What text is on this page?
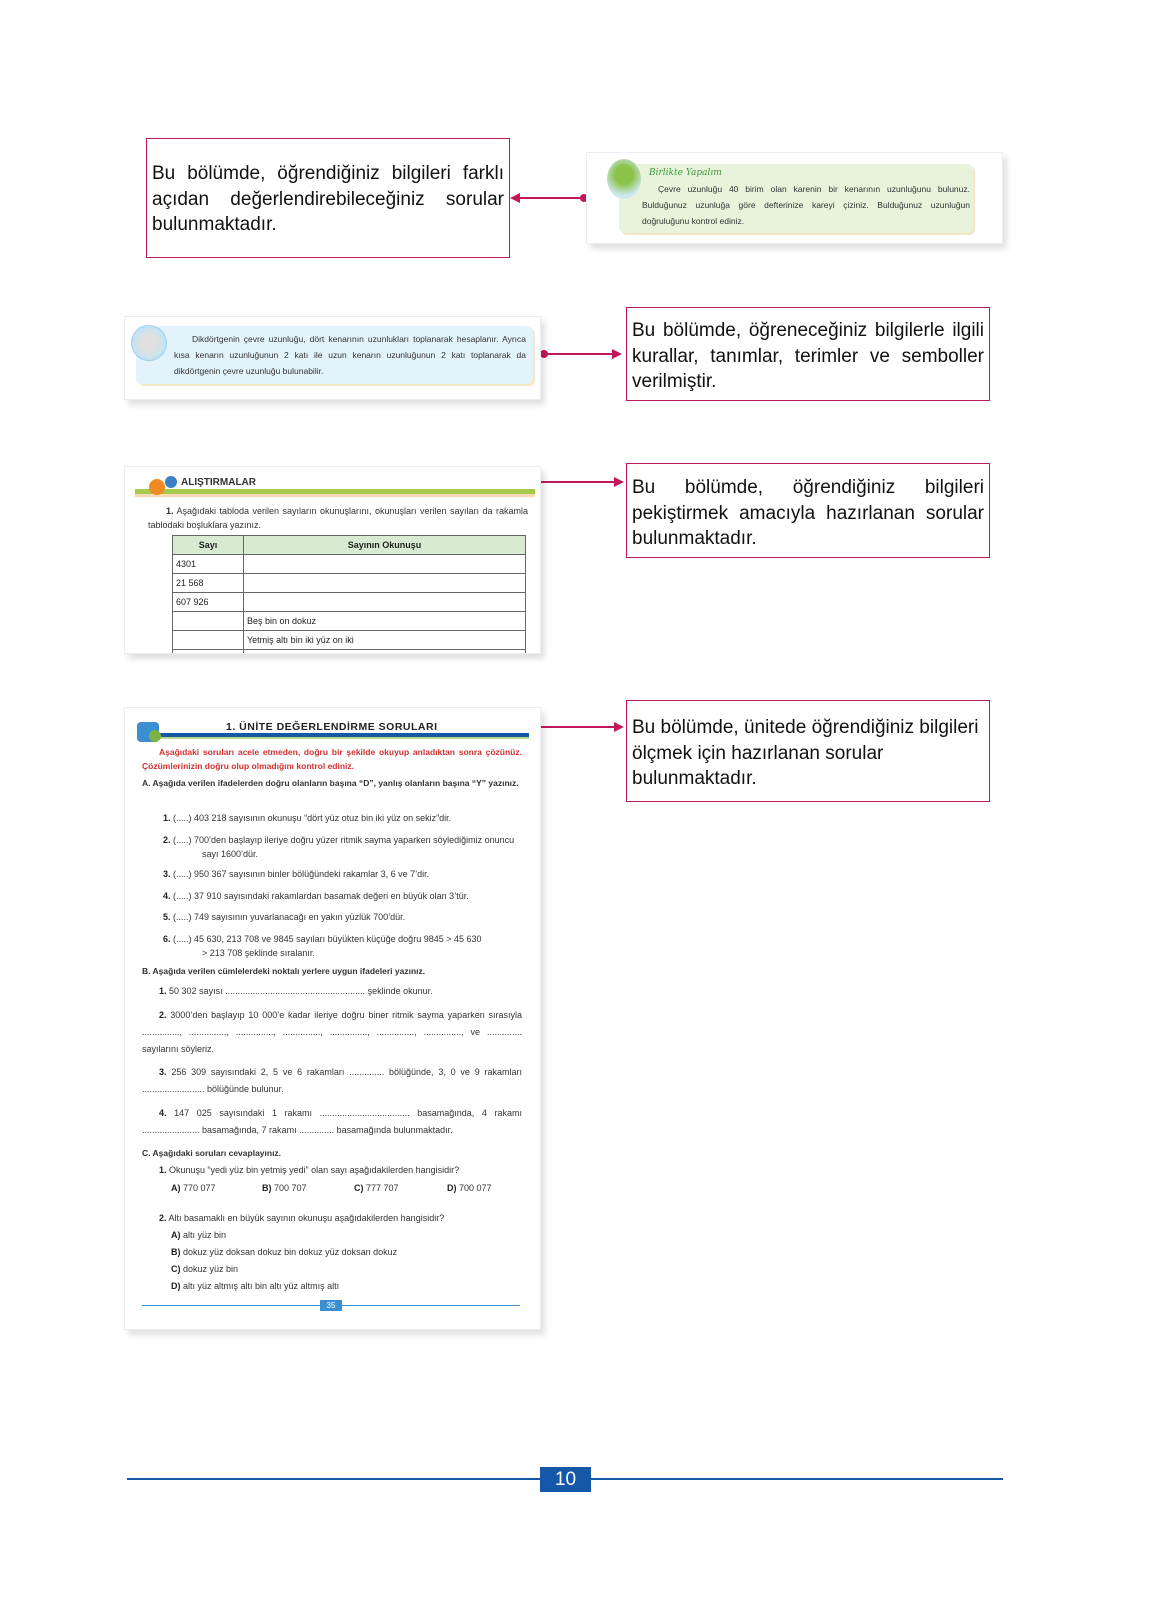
Bu bölümde, öğrendiğiniz bilgileri farklı açıdan değerlendirebileceğiniz sorular bulunmaktadır.
Bu bölümde, öğreneceğiniz bilgilerle ilgili kurallar, tanımlar, terimler ve semboller verilmiştir.
Bu bölümde, öğrendiğiniz bilgileri pekiştirmek amacıyla hazırlanan sorular bulunmaktadır.
Bu bölümde, ünitede öğrendiğiniz bilgileri ölçmek için hazırlanan sorular bulunmaktadır.
Birlikte Yapalım
Çevre uzunluğu 40 birim olan karenin bir kenarının uzunluğunu bulunuz. Bulduğunuz uzunluğa göre defterinize kareyi çiziniz. Bulduğunuz uzunluğun doğruluğunu kontrol ediniz.
Dikdörtgenin çevre uzunluğu, dört kenarının uzunlukları toplanarak hesaplanır. Ayrıca kısa kenarın uzunluğunun 2 katı ile uzun kenarın uzunluğunun 2 katı toplanarak da dikdörtgenin çevre uzunluğu bulunabilir.
ALIŞTIRMALAR
1. Aşağıdaki tabloda verilen sayıların okunuşlarını, okunuşları verilen sayıları da rakamla tablodaki boşluklara yazınız.
Sayı	Sayının Okunuşu
4301	
21 568	
607 926	
	Beş bin on dokuz
	Yetmiş altı bin iki yüz on iki

1. ÜNİTE DEĞERLENDİRME SORULARI
Aşağıdaki soruları acele etmeden, doğru bir şekilde okuyup anladıktan sonra çözünüz. Çözümlerinizin doğru olup olmadığını kontrol ediniz.
A. Aşağıda verilen ifadelerden doğru olanların başına “D”, yanlış olanların başına “Y” yazınız.
1. (.....) 403 218 sayısının okunuşu “dört yüz otuz bin iki yüz on sekiz”dir.
2. (.....) 700’den başlayıp ileriye doğru yüzer ritmik sayma yaparken söylediğimiz onuncu sayı 1600’dür.
3. (.....) 950 367 sayısının binler bölüğündeki rakamlar 3, 6 ve 7’dir.
4. (.....) 37 910 sayısındaki rakamlardan basamak değeri en büyük olan 3’tür.
5. (.....) 749 sayısının yuvarlanacağı en yakın yüzlük 700’dür.
6. (.....) 45 630, 213 708 ve 9845 sayıları büyükten küçüğe doğru 9845 > 45 630 > 213 708 şeklinde sıralanır.
B. Aşağıda verilen cümlelerdeki noktalı yerlere uygun ifadeleri yazınız.
1. 50 302 sayısı ........................................................ şeklinde okunur.
2. 3000’den başlayıp 10 000’e kadar ileriye doğru biner ritmik sayma yaparken sırasıyla ..............., ..............., ..............., ..............., ..............., ..............., ..............., ve .............. sayılarını söyleriz.
3. 256 309 sayısındaki 2, 5 ve 6 rakamları .............. bölüğünde, 3, 0 ve 9 rakamları ......................... bölüğünde bulunur.
4. 147 025 sayısındaki 1 rakamı .................................... basamağında, 4 rakamı ....................... basamağında, 7 rakamı .............. basamağında bulunmaktadır.
C. Aşağıdaki soruları cevaplayınız.
1. Okunuşu “yedi yüz bin yetmiş yedi” olan sayı aşağıdakilerden hangisidir?
A) 770 077	B) 700 707	C) 777 707	D) 700 077
2. Altı basamaklı en büyük sayının okunuşu aşağıdakilerden hangisidir?
A) altı yüz bin
B) dokuz yüz doksan dokuz bin dokuz yüz doksan dokuz
C) dokuz yüz bin
D) altı yüz altmış altı bin altı yüz altmış altı
35
10
